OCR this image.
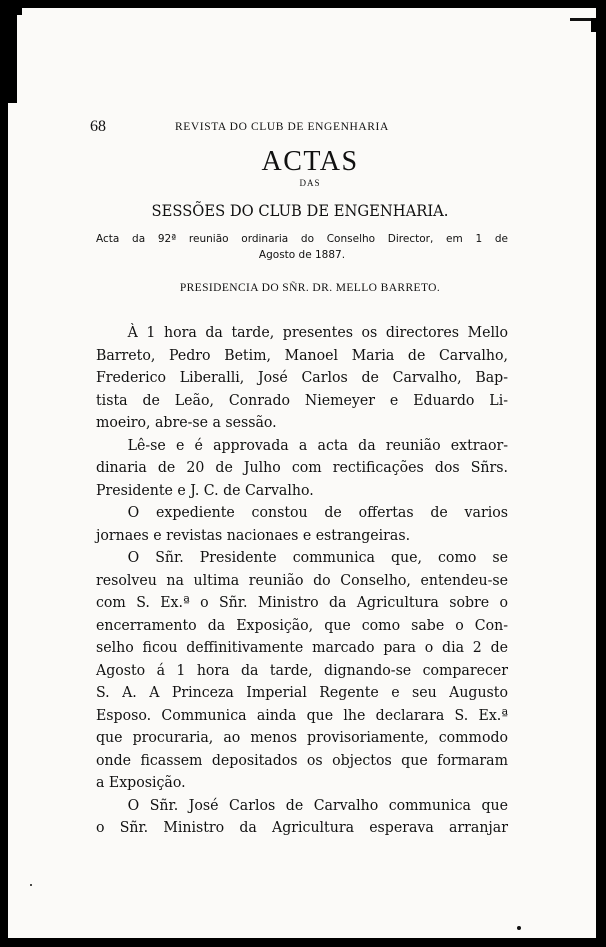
68	REVISTA DO CLUB DE ENGENHARIA
ACTAS
DAS
SESSÕES DO CLUB DE ENGENHARIA.
Acta da 92ª reunião ordinaria do Conselho Director, em 1 de
Agosto de 1887.
PRESIDENCIA DO SÑR. DR. MELLO BARRETO.
À 1 hora da tarde, presentes os directores Mello
Barreto, Pedro Betim, Manoel Maria de Carvalho,
Frederico Liberalli, José Carlos de Carvalho, Bap-
tista de Leão, Conrado Niemeyer e Eduardo Li-
moeiro, abre-se a sessão.
Lê-se e é approvada a acta da reunião extraor-
dinaria de 20 de Julho com rectificações dos Sñrs.
Presidente e J. C. de Carvalho.
O expediente constou de offertas de varios
jornaes e revistas nacionaes e estrangeiras.
O Sñr. Presidente communica que, como se
resolveu na ultima reunião do Conselho, entendeu-se
com S. Ex.ª o Sñr. Ministro da Agricultura sobre o
encerramento da Exposição, que como sabe o Con-
selho ficou deffinitivamente marcado para o dia 2 de
Agosto á 1 hora da tarde, dignando-se comparecer
S. A. A Princeza Imperial Regente e seu Augusto
Esposo. Communica ainda que lhe declarara S. Ex.ª
que procuraria, ao menos provisoriamente, commodo
onde ficassem depositados os objectos que formaram
a Exposição.
O Sñr. José Carlos de Carvalho communica que
o Sñr. Ministro da Agricultura esperava arranjar
